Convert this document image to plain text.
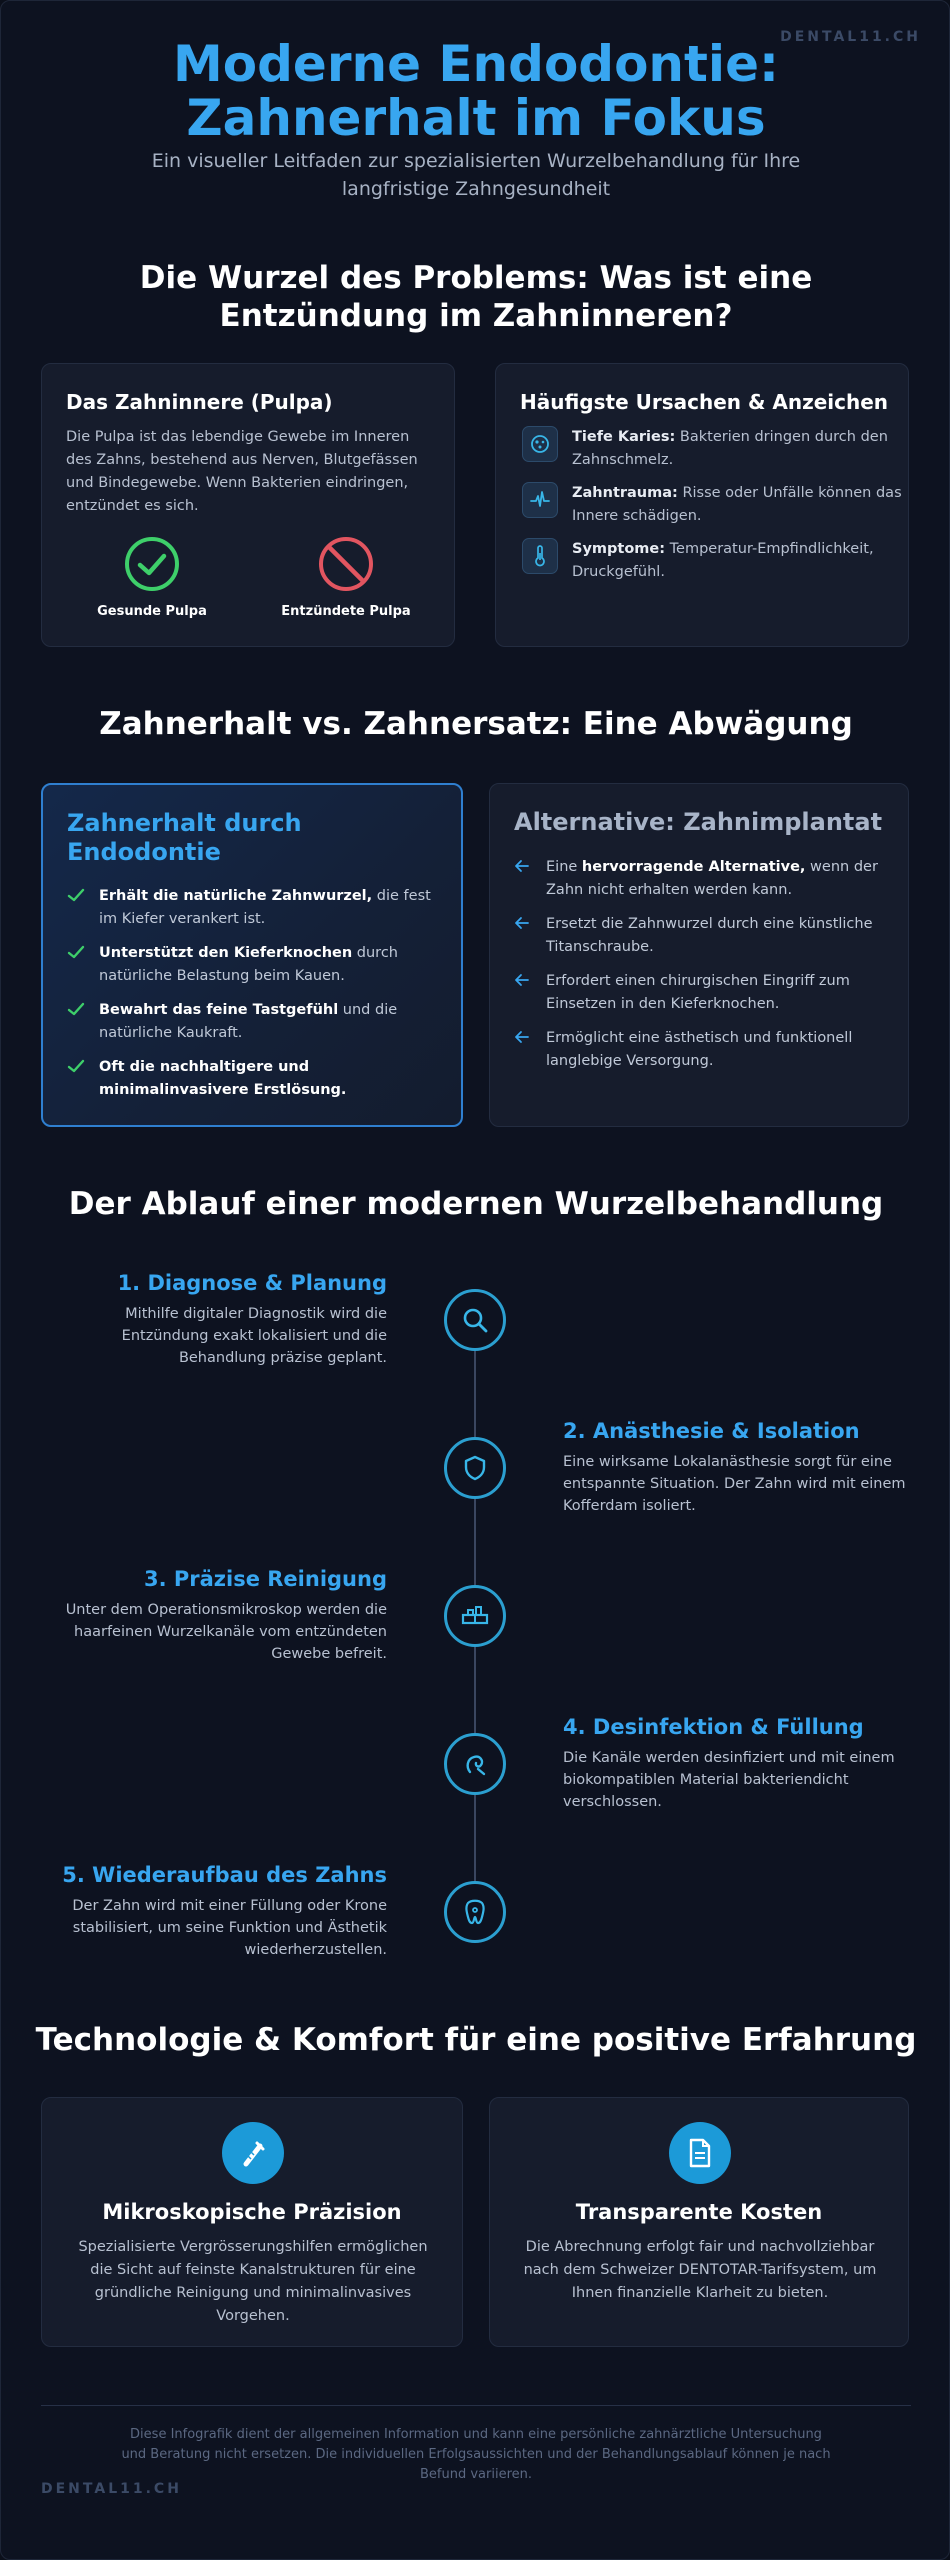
DENTAL11.CH
Moderne Endodontie: Zahnerhalt im Fokus
Ein visueller Leitfaden zur spezialisierten Wurzelbehandlung für Ihre langfristige Zahngesundheit
Die Wurzel des Problems: Was ist eine Entzündung im Zahninneren?
Das Zahninnere (Pulpa)
Die Pulpa ist das lebendige Gewebe im Inneren des Zahns, bestehend aus Nerven, Blutgefässen und Bindegewebe. Wenn Bakterien eindringen, entzündet es sich.
Gesunde Pulpa	Entzündete Pulpa
Häufigste Ursachen & Anzeichen
Tiefe Karies: Bakterien dringen durch den Zahnschmelz.
Zahntrauma: Risse oder Unfälle können das Innere schädigen.
Symptome: Temperatur-Empfindlichkeit, Druckgefühl.
Zahnerhalt vs. Zahnersatz: Eine Abwägung
Zahnerhalt durch Endodontie
Erhält die natürliche Zahnwurzel, die fest im Kiefer verankert ist.
Unterstützt den Kieferknochen durch natürliche Belastung beim Kauen.
Bewahrt das feine Tastgefühl und die natürliche Kaukraft.
Oft die nachhaltigere und minimalinvasivere Erstlösung.
Alternative: Zahnimplantat
Eine hervorragende Alternative, wenn der Zahn nicht erhalten werden kann.
Ersetzt die Zahnwurzel durch eine künstliche Titanschraube.
Erfordert einen chirurgischen Eingriff zum Einsetzen in den Kieferknochen.
Ermöglicht eine ästhetisch und funktionell langlebige Versorgung.
Der Ablauf einer modernen Wurzelbehandlung
1. Diagnose & Planung
Mithilfe digitaler Diagnostik wird die Entzündung exakt lokalisiert und die Behandlung präzise geplant.
2. Anästhesie & Isolation
Eine wirksame Lokalanästhesie sorgt für eine entspannte Situation. Der Zahn wird mit einem Kofferdam isoliert.
3. Präzise Reinigung
Unter dem Operationsmikroskop werden die haarfeinen Wurzelkanäle vom entzündeten Gewebe befreit.
4. Desinfektion & Füllung
Die Kanäle werden desinfiziert und mit einem biokompatiblen Material bakteriendicht verschlossen.
5. Wiederaufbau des Zahns
Der Zahn wird mit einer Füllung oder Krone stabilisiert, um seine Funktion und Ästhetik wiederherzustellen.
Technologie & Komfort für eine positive Erfahrung
Mikroskopische Präzision
Spezialisierte Vergrösserungshilfen ermöglichen die Sicht auf feinste Kanalstrukturen für eine gründliche Reinigung und minimalinvasives Vorgehen.
Transparente Kosten
Die Abrechnung erfolgt fair und nachvollziehbar nach dem Schweizer DENTOTAR-Tarifsystem, um Ihnen finanzielle Klarheit zu bieten.
Diese Infografik dient der allgemeinen Information und kann eine persönliche zahnärztliche Untersuchung und Beratung nicht ersetzen. Die individuellen Erfolgsaussichten und der Behandlungsablauf können je nach Befund variieren.
DENTAL11.CH
